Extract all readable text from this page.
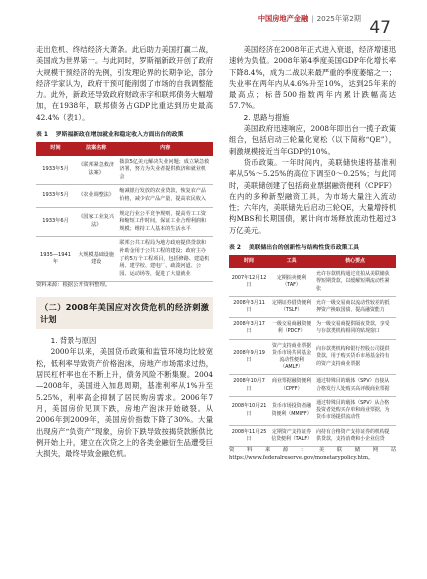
中国房地产金融 | 2025年第2期 47

走出危机、终结经济大萧条。此后助力美国打赢二战，美国成为世界第一。与此同时，罗斯福新政开创了政府大规模干预经济的先例，引发理论界的长期争论，部分经济学家认为，政府干预可能削弱了市场的自我调整能力。此外，新政还导致政府财政赤字和联邦债务大幅增加，在1938年，联邦债务占GDP比重达到历史最高42.4%（表1）。

表 1 罗斯福新政在增加就业和稳定收入方面出台的政策
时间	法案名称	内容
1933年5月	《联邦紧急救济法案》	拨款5亿美元解决失业问题；成立紧急救济署，努力为失业者提供救济和就业机会
1933年5月	《农业调整法》	缩减银行发放的农业贷款，恢复农产品价格，减少农产品产量，提高农民收入
1933年6月	《国家工业复兴法》	规定行业公平竞争规则，提高劳工工资和缩短工作时间，保证工业合理利润和规模；维持工人基本的生活水平
1935—1941年	大规模基础设施建设	联邦公共工程局为地方政府提供贷款和补助金用于公共工程的建设；政府主办了约5万个工程项目，包括修路、建造机场、建学校、建电厂、疏浚河道、公园、运动场等，促进了大量就业

资料来源：根据公开资料整理。

（二）2008年美国应对次贷危机的经济刺激计划

1. 背景与原因

2000年以来，美国货币政策和监管环境均比较宽松，低利率导致资产价格泡沫，房地产市场需求过热，居民杠杆率也在不断上升，债务风险不断集聚。2004—2008年，美国进入加息周期，基准利率从1%升至5.25%，利率高企抑制了居民购房需求。2006年7月，美国房价见顶下跌，房地产泡沫开始破裂。从2006年到2009年，美国房价指数下降了30%。大量出现房产“负资产”现象，房价下跌导致按揭贷款断供比例开始上升，建立在次贷之上的各类金融衍生品遭受巨大损失，最终导致金融危机。

美国经济在2008年正式进入衰退，经济增速迅速转为负值。2008年第4季度美国GDP年化增长率下降8.4%，成为二战以来最严重的季度萎缩之一；失业率在两年内从4.6%升至10%，达到25年来的最高点；标普500指数两年内累计跌幅高达57.7%。

2. 思路与措施

美国政府迅速响应，2008年即出台一揽子政策组合，包括启动三轮量化宽松（以下简称“QE”），刺激规模接近当年GDP的10%。

货币政策。一年时间内，美联储快速将基准利率从5%～5.25%的高位下调至0～0.25%；与此同时，美联储创建了包括商业票据融资便利（CPFF）在内的多种新型融资工具，为市场大量注入流动性；六年内，美联储先后启动三轮QE，大量增持机构MBS和长期国债，累计向市场释放流动性超过3万亿美元。

表 2 美联储出台的创新性与结构性货币政策工具
时间	工具	核心要点
2007年12月12日	定期拍卖便利（TAF）	允许存款机构通过竞拍从美联储获得短期贷款，以缓解短期流动性紧张
2008年3月11日	定期证券借贷便利（TSLF）	允许一级交易商以流动性较差的抵押资产换取国债，提高融资能力
2008年3月17日	一级交易商融资便利（PDCF）	为一级交易商提供隔夜贷款，享受与存款类机构相同的贴现窗口
2008年9月19日	资产支持商业票据货币市场共同基金流动性便利（AMLF）	向存款类机构和银行控股公司提供贷款，用于购买货币市场基金持有的资产支持商业票据
2008年10月7日	商业票据融资便利（CPFF）	通过特殊目的载体（SPV）直接从合格发行人处购买高评级商业票据
2008年10月21日	货币市场投资者融资便利（MMIFF）	通过特殊目的载体（SPV）从合格投资者处购买存单和商业票据，为货币市场提供流动性
2008年11月25日	定期资产支持证券信贷便利（TALF）	向持有合格资产支持证券的机构提供贷款，支持消费和小企业信贷

资料来源：美联储网站 https://www.federalreserve.gov/monetarypolicy.htm。
